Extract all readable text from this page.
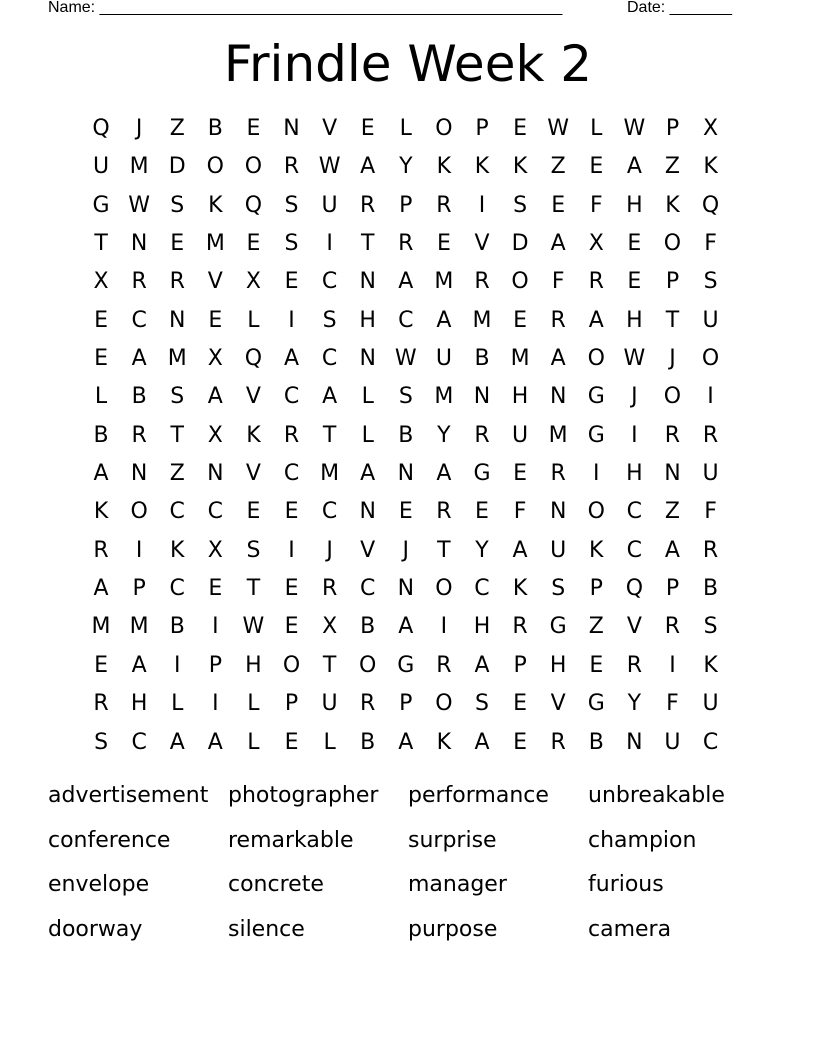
Name: ____________________________________________________	Date: _______
Frindle Week 2
Q	J	Z	B	E	N	V	E	L	O	P	E W L W P	X
U M D O O R W A	Y	K	K	K	Z	E	A	Z	K
G W S	K	Q	S	U	R	P	R	I	S	E	F	H	K	Q
T	N	E M E	S	I	T	R	E	V	D	A	X	E	O	F
X	R	R	V	X	E	C	N	A M R O	F	R	E	P	S
E	C	N	E	L	I	S	H	C	A M E	R	A	H	T	U
E	A M X Q A	C	N W U	B M A O W	J	O
L	B	S	A	V	C	A	L	S M N H N G	J	O	I
B	R	T	X	K	R	T	L	B	Y	R	U M G	I	R	R
A	N	Z	N	V	C M A	N	A	G	E	R	I	H N U
K	O C	C	E	E	C	N	E	R	E	F	N O C	Z	F
R	I	K	X	S	I	J	V	J	T	Y	A	U	K	C	A	R
A	P	C	E	T	E	R	C	N O C	K	S	P	Q	P	B
M M B	I	W E	X	B	A	I	H	R G	Z	V	R	S
E	A	I	P	H O	T	O G R	A	P	H	E	R	I	K
R	H	L	I	L	P	U	R	P	O	S	E	V	G	Y	F	U
S	C	A	A	L	E	L	B	A	K	A	E	R	B	N U	C
advertisement photographer	performance	unbreakable
conference	remarkable	surprise	champion
envelope	concrete	manager	furious
doorway	silence	purpose	camera
